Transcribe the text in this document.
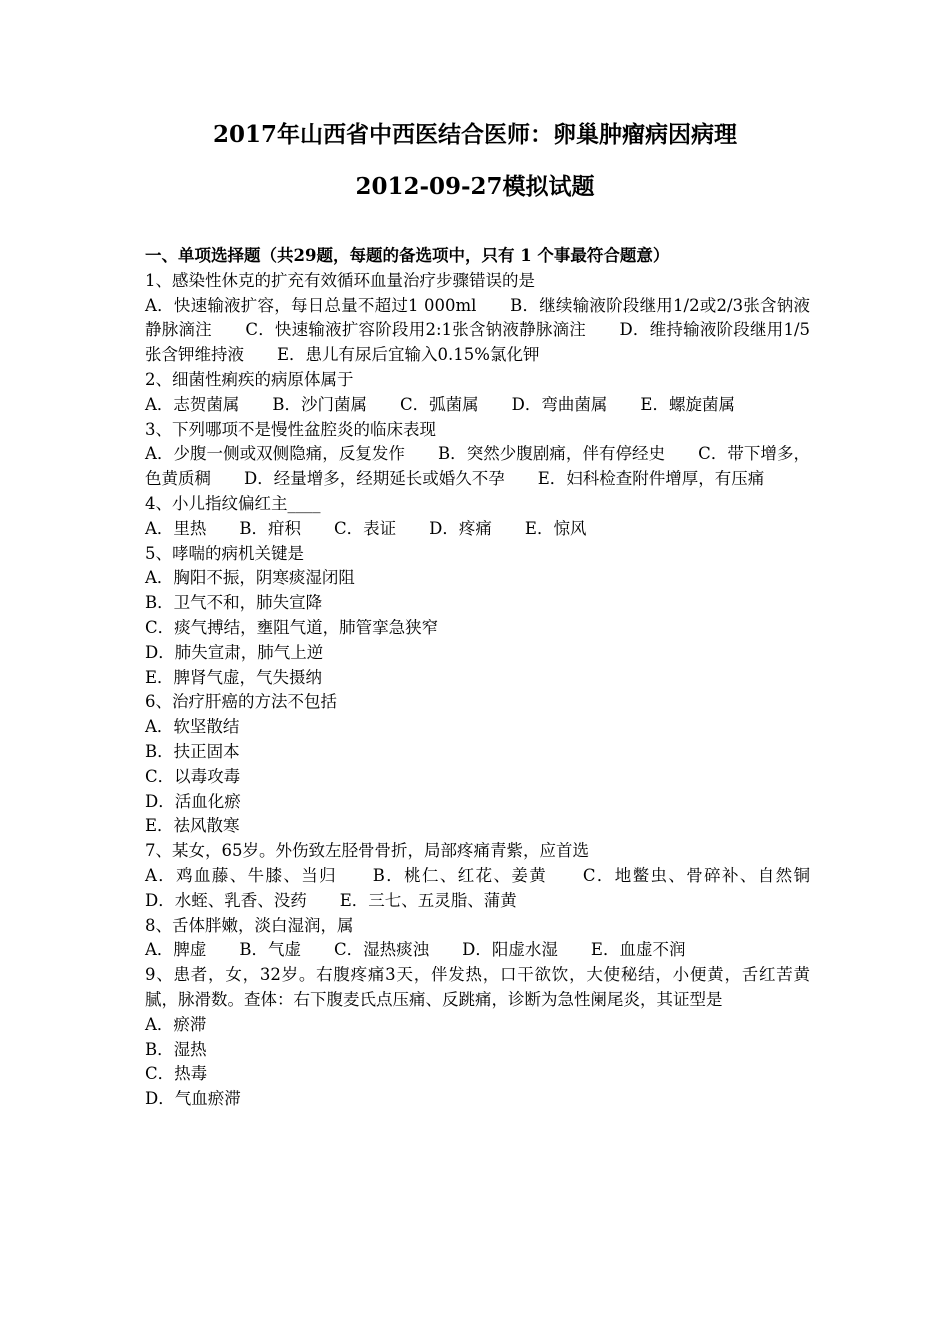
2017年山西省中西医结合医师：卵巢肿瘤病因病理
2012-09-27模拟试题
一、单项选择题（共29题，每题的备选项中，只有 1 个事最符合题意）
1、感染性休克的扩充有效循环血量治疗步骤错误的是
A．快速输液扩容，每日总量不超过1 000ml　　B．继续输液阶段继用1/2或2/3张含钠液静脉滴注　　C．快速输液扩容阶段用2:1张含钠液静脉滴注　　D．维持输液阶段继用1/5张含钾维持液　　E．患儿有尿后宜输入0.15%氯化钾
2、细菌性痢疾的病原体属于
A．志贺菌属　　B．沙门菌属　　C．弧菌属　　D．弯曲菌属　　E．螺旋菌属
3、下列哪项不是慢性盆腔炎的临床表现
A．少腹一侧或双侧隐痛，反复发作　　B．突然少腹剧痛，伴有停经史　　C．带下增多，色黄质稠　　D．经量增多，经期延长或婚久不孕　　E．妇科检查附件增厚，有压痛
4、小儿指纹偏红主____
A．里热　　B．疳积　　C．表证　　D．疼痛　　E．惊风
5、哮喘的病机关键是
A．胸阳不振，阴寒痰湿闭阻
B．卫气不和，肺失宣降
C．痰气搏结，壅阻气道，肺管挛急狭窄
D．肺失宣肃，肺气上逆
E．脾肾气虚，气失摄纳
6、治疗肝癌的方法不包括
A．软坚散结
B．扶正固本
C．以毒攻毒
D．活血化瘀
E．祛风散寒
7、某女，65岁。外伤致左胫骨骨折，局部疼痛青紫，应首选
A．鸡血藤、牛膝、当归　　B．桃仁、红花、姜黄　　C．地鳖虫、骨碎补、自然铜　　D．水蛭、乳香、没药　　E．三七、五灵脂、蒲黄
8、舌体胖嫩，淡白湿润，属
A．脾虚　　B．气虚　　C．湿热痰浊　　D．阳虚水湿　　E．血虚不润
9、患者，女，32岁。右腹疼痛3天，伴发热，口干欲饮，大使秘结，小便黄，舌红苦黄腻，脉滑数。查体：右下腹麦氏点压痛、反跳痛，诊断为急性阑尾炎，其证型是
A．瘀滞
B．湿热
C．热毒
D．气血瘀滞
